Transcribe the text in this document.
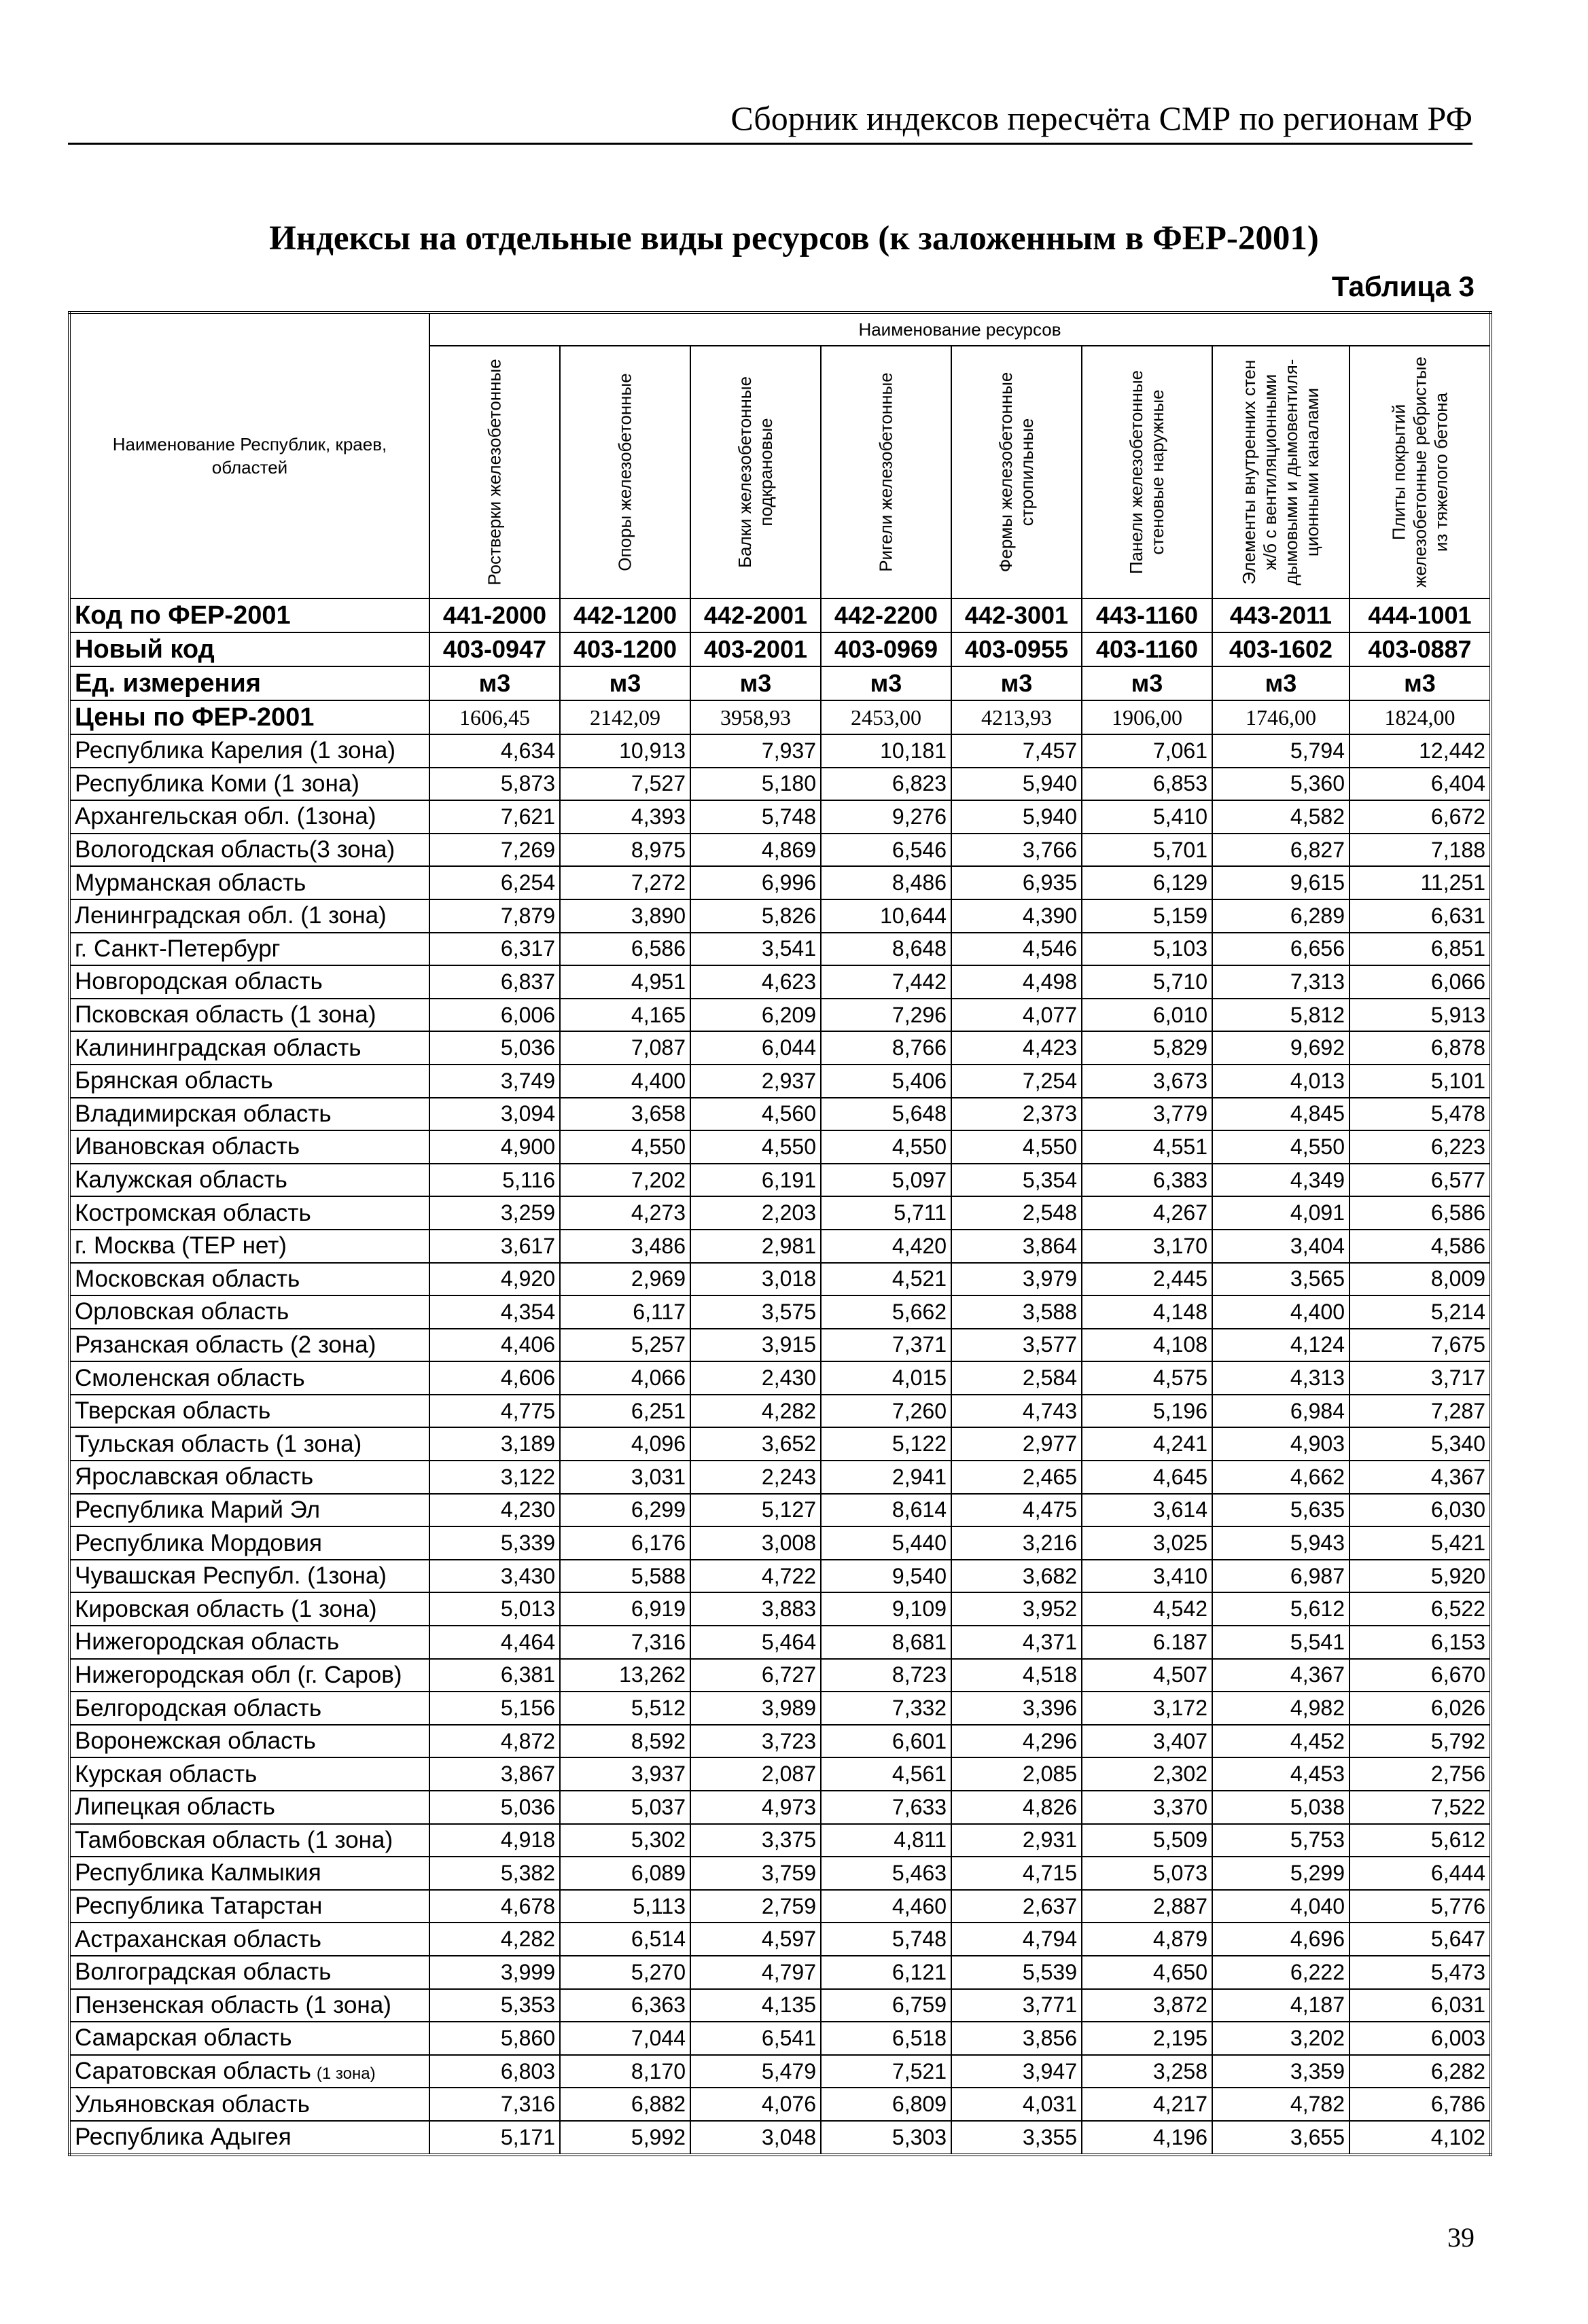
Сборник индексов пересчёта СМР по регионам РФ
Индексы на отдельные виды ресурсов (к заложенным в ФЕР-2001)
Таблица 3
Наименование Республик, краев, областей	Наименование ресурсов							

	Ростверки железобетонные	Опоры железобетонные	Балки железобетонные подкрановые	Ригели железобетонные	Фермы железобетонные стропильные	Панели железобетонные стеновые наружные	Элементы внутренних стен ж/б с вентиляционными дымовыми и дымовентиля-ционными каналами	Плиты покрытий железобетонные ребристые из тяжелого бетона

Код по ФЕР-2001	441-2000	442-1200	442-2001	442-2200	442-3001	443-1160	443-2011	444-1001
Новый код	403-0947	403-1200	403-2001	403-0969	403-0955	403-1160	403-1602	403-0887
Ед. измерения	м3	м3	м3	м3	м3	м3	м3	м3
Цены по ФЕР-2001	1606,45	2142,09	3958,93	2453,00	4213,93	1906,00	1746,00	1824,00
Республика Карелия (1 зона)	4,634	10,913	7,937	10,181	7,457	7,061	5,794	12,442
Республика Коми (1 зона)	5,873	7,527	5,180	6,823	5,940	6,853	5,360	6,404
Архангельская обл. (1зона)	7,621	4,393	5,748	9,276	5,940	5,410	4,582	6,672
Вологодская область(3 зона)	7,269	8,975	4,869	6,546	3,766	5,701	6,827	7,188
Мурманская область	6,254	7,272	6,996	8,486	6,935	6,129	9,615	11,251
Ленинградская обл. (1 зона)	7,879	3,890	5,826	10,644	4,390	5,159	6,289	6,631
г. Санкт-Петербург	6,317	6,586	3,541	8,648	4,546	5,103	6,656	6,851
Новгородская область	6,837	4,951	4,623	7,442	4,498	5,710	7,313	6,066
Псковская область (1 зона)	6,006	4,165	6,209	7,296	4,077	6,010	5,812	5,913
Калининградская область	5,036	7,087	6,044	8,766	4,423	5,829	9,692	6,878
Брянская область	3,749	4,400	2,937	5,406	7,254	3,673	4,013	5,101
Владимирская область	3,094	3,658	4,560	5,648	2,373	3,779	4,845	5,478
Ивановская область	4,900	4,550	4,550	4,550	4,550	4,551	4,550	6,223
Калужская область	5,116	7,202	6,191	5,097	5,354	6,383	4,349	6,577
Костромская область	3,259	4,273	2,203	5,711	2,548	4,267	4,091	6,586
г. Москва (ТЕР нет)	3,617	3,486	2,981	4,420	3,864	3,170	3,404	4,586
Московская область	4,920	2,969	3,018	4,521	3,979	2,445	3,565	8,009
Орловская область	4,354	6,117	3,575	5,662	3,588	4,148	4,400	5,214
Рязанская область (2 зона)	4,406	5,257	3,915	7,371	3,577	4,108	4,124	7,675
Смоленская область	4,606	4,066	2,430	4,015	2,584	4,575	4,313	3,717
Тверская область	4,775	6,251	4,282	7,260	4,743	5,196	6,984	7,287
Тульская область (1 зона)	3,189	4,096	3,652	5,122	2,977	4,241	4,903	5,340
Ярославская область	3,122	3,031	2,243	2,941	2,465	4,645	4,662	4,367
Республика Марий Эл	4,230	6,299	5,127	8,614	4,475	3,614	5,635	6,030
Республика Мордовия	5,339	6,176	3,008	5,440	3,216	3,025	5,943	5,421
Чувашская Республ. (1зона)	3,430	5,588	4,722	9,540	3,682	3,410	6,987	5,920
Кировская область (1 зона)	5,013	6,919	3,883	9,109	3,952	4,542	5,612	6,522
Нижегородская область	4,464	7,316	5,464	8,681	4,371	6.187	5,541	6,153
Нижегородская обл (г. Саров)	6,381	13,262	6,727	8,723	4,518	4,507	4,367	6,670
Белгородская область	5,156	5,512	3,989	7,332	3,396	3,172	4,982	6,026
Воронежская область	4,872	8,592	3,723	6,601	4,296	3,407	4,452	5,792
Курская область	3,867	3,937	2,087	4,561	2,085	2,302	4,453	2,756
Липецкая область	5,036	5,037	4,973	7,633	4,826	3,370	5,038	7,522
Тамбовская область (1 зона)	4,918	5,302	3,375	4,811	2,931	5,509	5,753	5,612
Республика Калмыкия	5,382	6,089	3,759	5,463	4,715	5,073	5,299	6,444
Республика Татарстан	4,678	5,113	2,759	4,460	2,637	2,887	4,040	5,776
Астраханская область	4,282	6,514	4,597	5,748	4,794	4,879	4,696	5,647
Волгоградская область	3,999	5,270	4,797	6,121	5,539	4,650	6,222	5,473
Пензенская область (1 зона)	5,353	6,363	4,135	6,759	3,771	3,872	4,187	6,031
Самарская область	5,860	7,044	6,541	6,518	3,856	2,195	3,202	6,003
Саратовская область (1 зона)	6,803	8,170	5,479	7,521	3,947	3,258	3,359	6,282
Ульяновская область	7,316	6,882	4,076	6,809	4,031	4,217	4,782	6,786
Республика Адыгея	5,171	5,992	3,048	5,303	3,355	4,196	3,655	4,102
39
